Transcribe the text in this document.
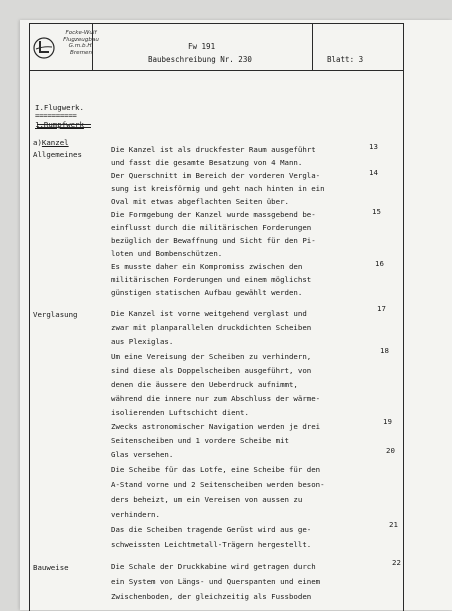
Focke-Wulf
Flugzeugbau
G.m.b.H.
Bremen
Fw 191
Baubeschreibung Nr. 230	Blatt: 3
I.Flugwerk.
==========
1.Rumpfwerk
a)Kanzel
Allgemeines
Verglasung
Bauweise
13
14
15
16
17
18
19
20
21
22
Die Kanzel ist als druckfester Raum ausgeführt
und fasst die gesamte Besatzung von 4 Mann.
Der Querschnitt im Bereich der vorderen Vergla-
sung ist kreisförmig und geht nach hinten in ein
Oval mit etwas abgeflachten Seiten über.
Die Formgebung der Kanzel wurde massgebend be-
einflusst durch die militärischen Forderungen
bezüglich der Bewaffnung und Sicht für den Pi-
loten und Bombenschützen.
Es musste daher ein Kompromiss zwischen den
militärischen Forderungen und einem möglichst
günstigen statischen Aufbau gewählt werden.
Die Kanzel ist vorne weitgehend verglast und
zwar mit planparallelen druckdichten Scheiben
aus Plexiglas.
Um eine Vereisung der Scheiben zu verhindern,
sind diese als Doppelscheiben ausgeführt, von
denen die äussere den Ueberdruck aufnimmt,
während die innere nur zum Abschluss der wärme-
isolierenden Luftschicht dient.
Zwecks astronomischer Navigation werden je drei
Seitenscheiben und 1 vordere Scheibe mit
Glas versehen.
Die Scheibe für das Lotfe, eine Scheibe für den
A-Stand vorne und 2 Seitenscheiben werden beson-
ders beheizt, um ein Vereisen von aussen zu
verhindern.
Das die Scheiben tragende Gerüst wird aus ge-
schweissten Leichtmetall-Trägern hergestellt.
Die Schale der Druckkabine wird getragen durch
ein System von Längs- und Querspanten und einem
Zwischenboden, der gleichzeitig als Fussboden
